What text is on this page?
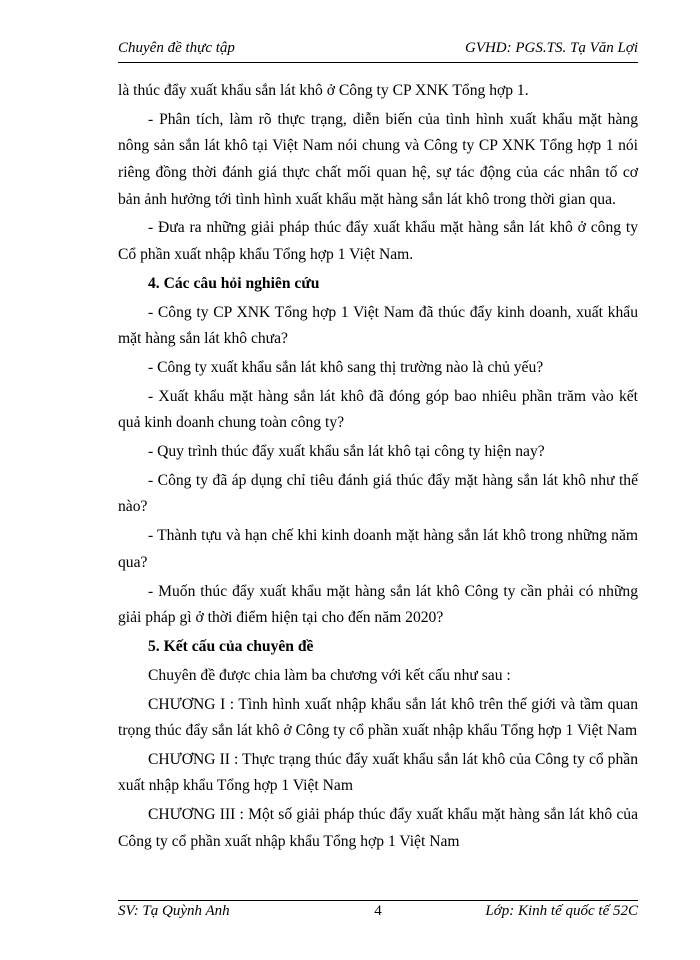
Chuyên đề thực tập	GVHD: PGS.TS. Tạ Văn Lợi

là thúc đẩy xuất khẩu sắn lát khô ở Công ty CP XNK Tổng hợp 1.

- Phân tích, làm rõ thực trạng, diễn biến của tình hình xuất khẩu mặt hàng nông sản sắn lát khô tại Việt Nam nói chung và Công ty CP XNK Tổng hợp 1 nói riêng đồng thời đánh giá thực chất mối quan hệ, sự tác động của các nhân tố cơ bản ảnh hưởng tới tình hình xuất khẩu mặt hàng sắn lát khô trong thời gian qua.

- Đưa ra những giải pháp thúc đẩy xuất khẩu mặt hàng sắn lát khô ở công ty Cổ phần xuất nhập khẩu Tổng hợp 1 Việt Nam.

4. Các câu hỏi nghiên cứu

- Công ty CP XNK Tổng hợp 1 Việt Nam đã thúc đẩy kinh doanh, xuất khẩu mặt hàng sắn lát khô chưa?

- Công ty xuất khẩu sắn lát khô sang thị trường nào là chủ yếu?

- Xuất khẩu mặt hàng sắn lát khô đã đóng góp bao nhiêu phần trăm vào kết quả kinh doanh chung toàn công ty?

- Quy trình thúc đẩy xuất khẩu sắn lát khô tại công ty hiện nay?

- Công ty đã áp dụng chỉ tiêu đánh giá thúc đẩy mặt hàng sắn lát khô như thế nào?

- Thành tựu và hạn chế khi kinh doanh mặt hàng sắn lát khô trong những năm qua?

- Muốn thúc đẩy xuất khẩu mặt hàng sắn lát khô Công ty cần phải có những giải pháp gì ở thời điểm hiện tại cho đến năm 2020?

5. Kết cấu của chuyên đề

Chuyên đề được chia làm ba chương với kết cấu như sau :

CHƯƠNG I : Tình hình xuất nhập khẩu sắn lát khô trên thế giới và tầm quan trọng thúc đẩy sắn lát khô ở Công ty cổ phần xuất nhập khẩu Tổng hợp 1 Việt Nam

CHƯƠNG II : Thực trạng thúc đẩy xuất khẩu sắn lát khô của Công ty cổ phần xuất nhập khẩu Tổng hợp 1 Việt Nam

CHƯƠNG III : Một số giải pháp thúc đẩy xuất khẩu mặt hàng sắn lát khô của Công ty cổ phần xuất nhập khẩu Tổng hợp 1 Việt Nam

SV: Tạ Quỳnh Anh	4	Lớp: Kinh tế quốc tế 52C
